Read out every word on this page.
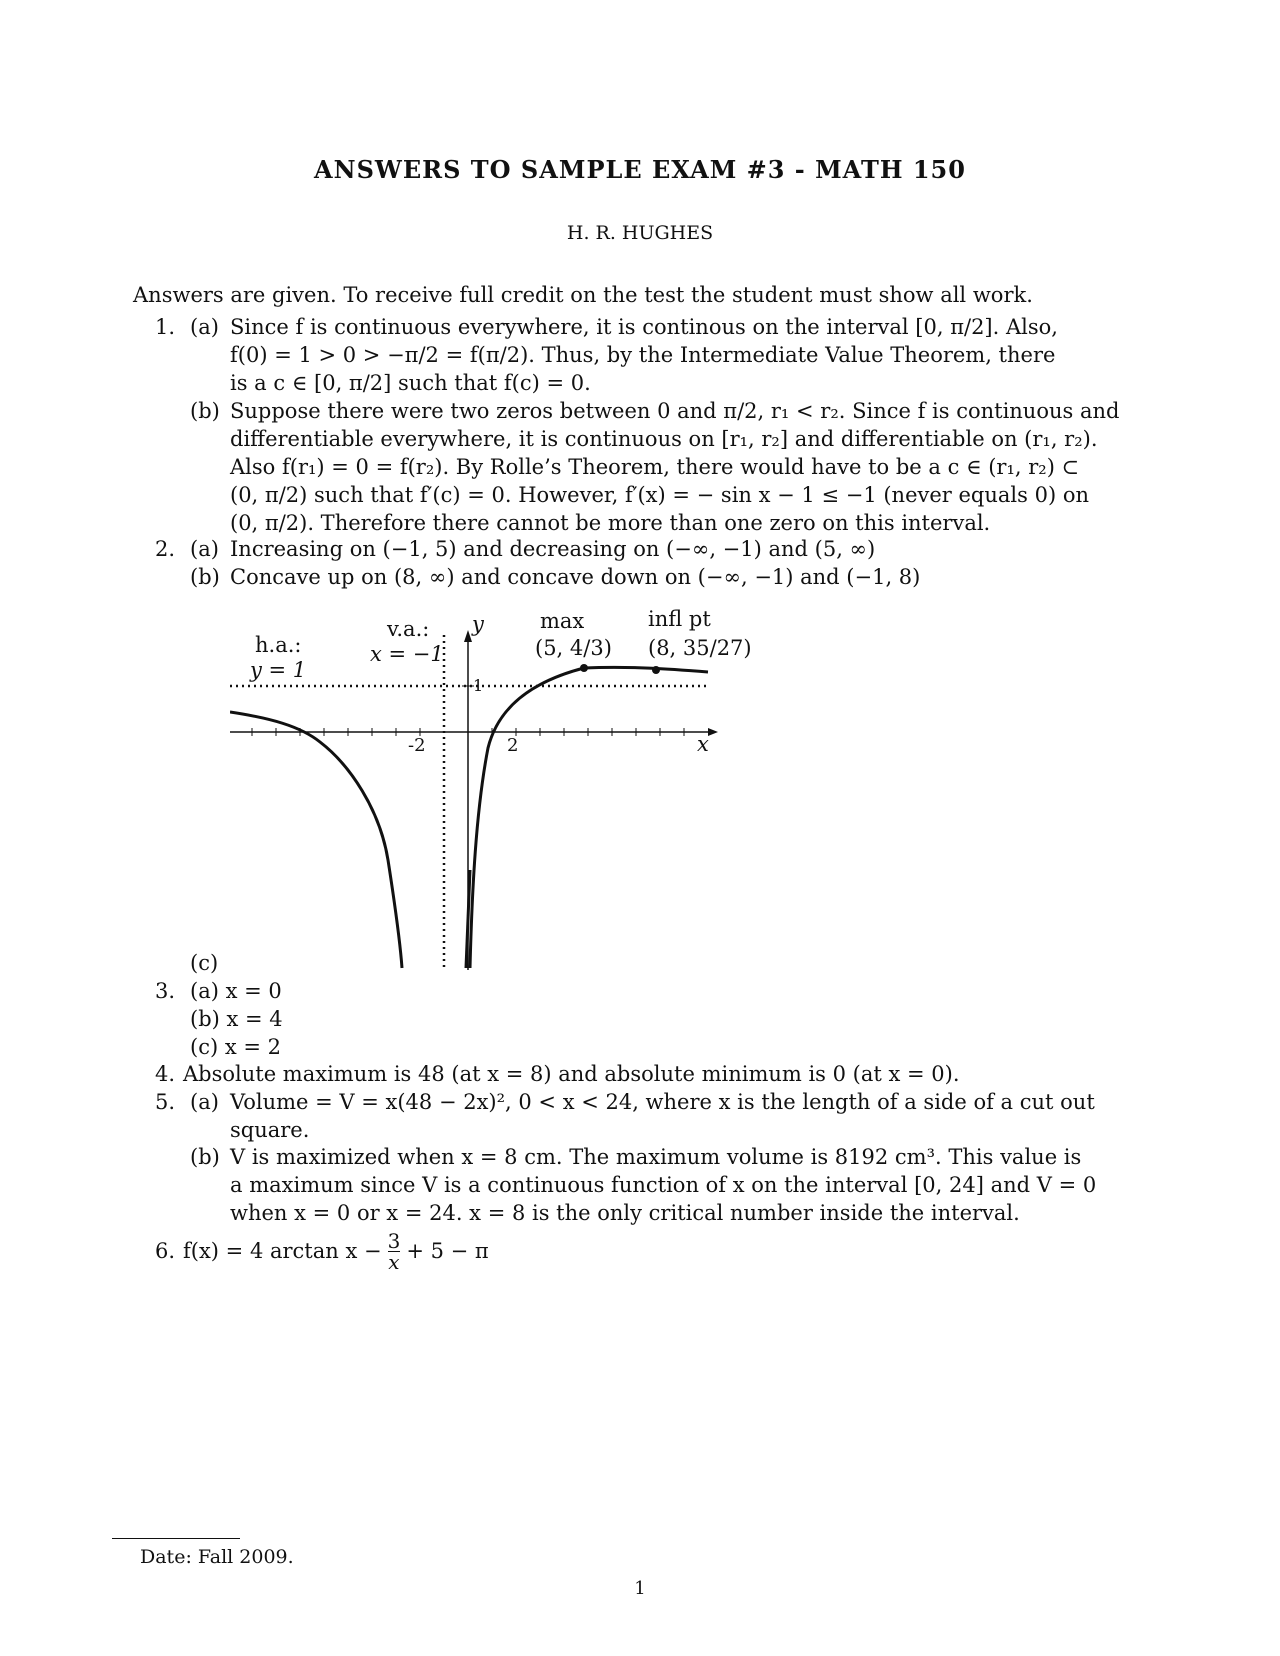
ANSWERS TO SAMPLE EXAM #3 - MATH 150
H. R. HUGHES
Answers are given. To receive full credit on the test the student must show all work.
1. (a) Since f is continuous everywhere, it is continous on the interval [0, π/2]. Also,
f(0) = 1 > 0 > −π/2 = f(π/2). Thus, by the Intermediate Value Theorem, there
is a c ∈ [0, π/2] such that f(c) = 0.
(b) Suppose there were two zeros between 0 and π/2, r₁ < r₂. Since f is continuous and
differentiable everywhere, it is continuous on [r₁, r₂] and differentiable on (r₁, r₂).
Also f(r₁) = 0 = f(r₂). By Rolle’s Theorem, there would have to be a c ∈ (r₁, r₂) ⊂
(0, π/2) such that f′(c) = 0. However, f′(x) = − sin x − 1 ≤ −1 (never equals 0) on
(0, π/2). Therefore there cannot be more than one zero on this interval.
2. (a) Increasing on (−1, 5) and decreasing on (−∞, −1) and (5, ∞)
(b) Concave up on (8, ∞) and concave down on (−∞, −1) and (−1, 8)
h.a.:
y = 1
v.a.:
x = −1
y
x
max
(5, 4/3)
infl pt
(8, 35/27)
-2	2
1
(c)
3. (a) x = 0
(b) x = 4
(c) x = 2
4. Absolute maximum is 48 (at x = 8) and absolute minimum is 0 (at x = 0).
5. (a) Volume = V = x(48 − 2x)², 0 < x < 24, where x is the length of a side of a cut out
square.
(b) V is maximized when x = 8 cm. The maximum volume is 8192 cm³. This value is
a maximum since V is a continuous function of x on the interval [0, 24] and V = 0
when x = 0 or x = 24. x = 8 is the only critical number inside the interval.
6. f(x) = 4 $\arctan x - \frac{3}{x} + 5 - \pi$
Date: Fall 2009.
1
